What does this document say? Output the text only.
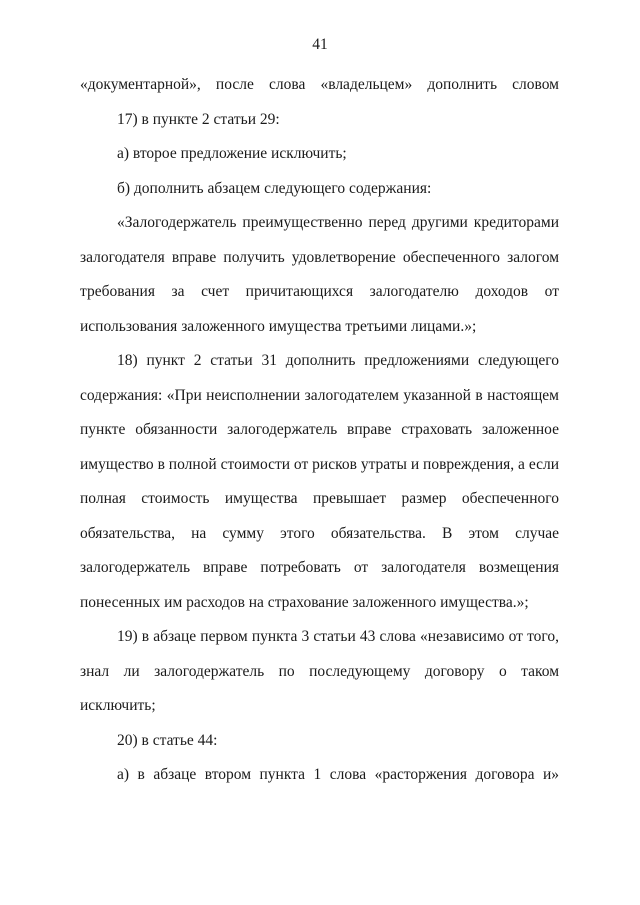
41
«документарной», после слова «владельцем» дополнить словом
17) в пункте 2 статьи 29:
а) второе предложение исключить;
б) дополнить абзацем следующего содержания:
«Залогодержатель преимущественно перед другими кредиторами
залогодателя вправе получить удовлетворение обеспеченного залогом
требования за счет причитающихся залогодателю доходов от
использования заложенного имущества третьими лицами.»;
18) пункт 2 статьи 31 дополнить предложениями следующего
содержания: «При неисполнении залогодателем указанной в настоящем
пункте обязанности залогодержатель вправе страховать заложенное
имущество в полной стоимости от рисков утраты и повреждения, а если
полная стоимость имущества превышает размер обеспеченного
обязательства, на сумму этого обязательства. В этом случае
залогодержатель вправе потребовать от залогодателя возмещения
понесенных им расходов на страхование заложенного имущества.»;
19) в абзаце первом пункта 3 статьи 43 слова «независимо от того,
знал ли залогодержатель по последующему договору о таком
исключить;
20) в статье 44:
а) в абзаце втором пункта 1 слова «расторжения договора и»
